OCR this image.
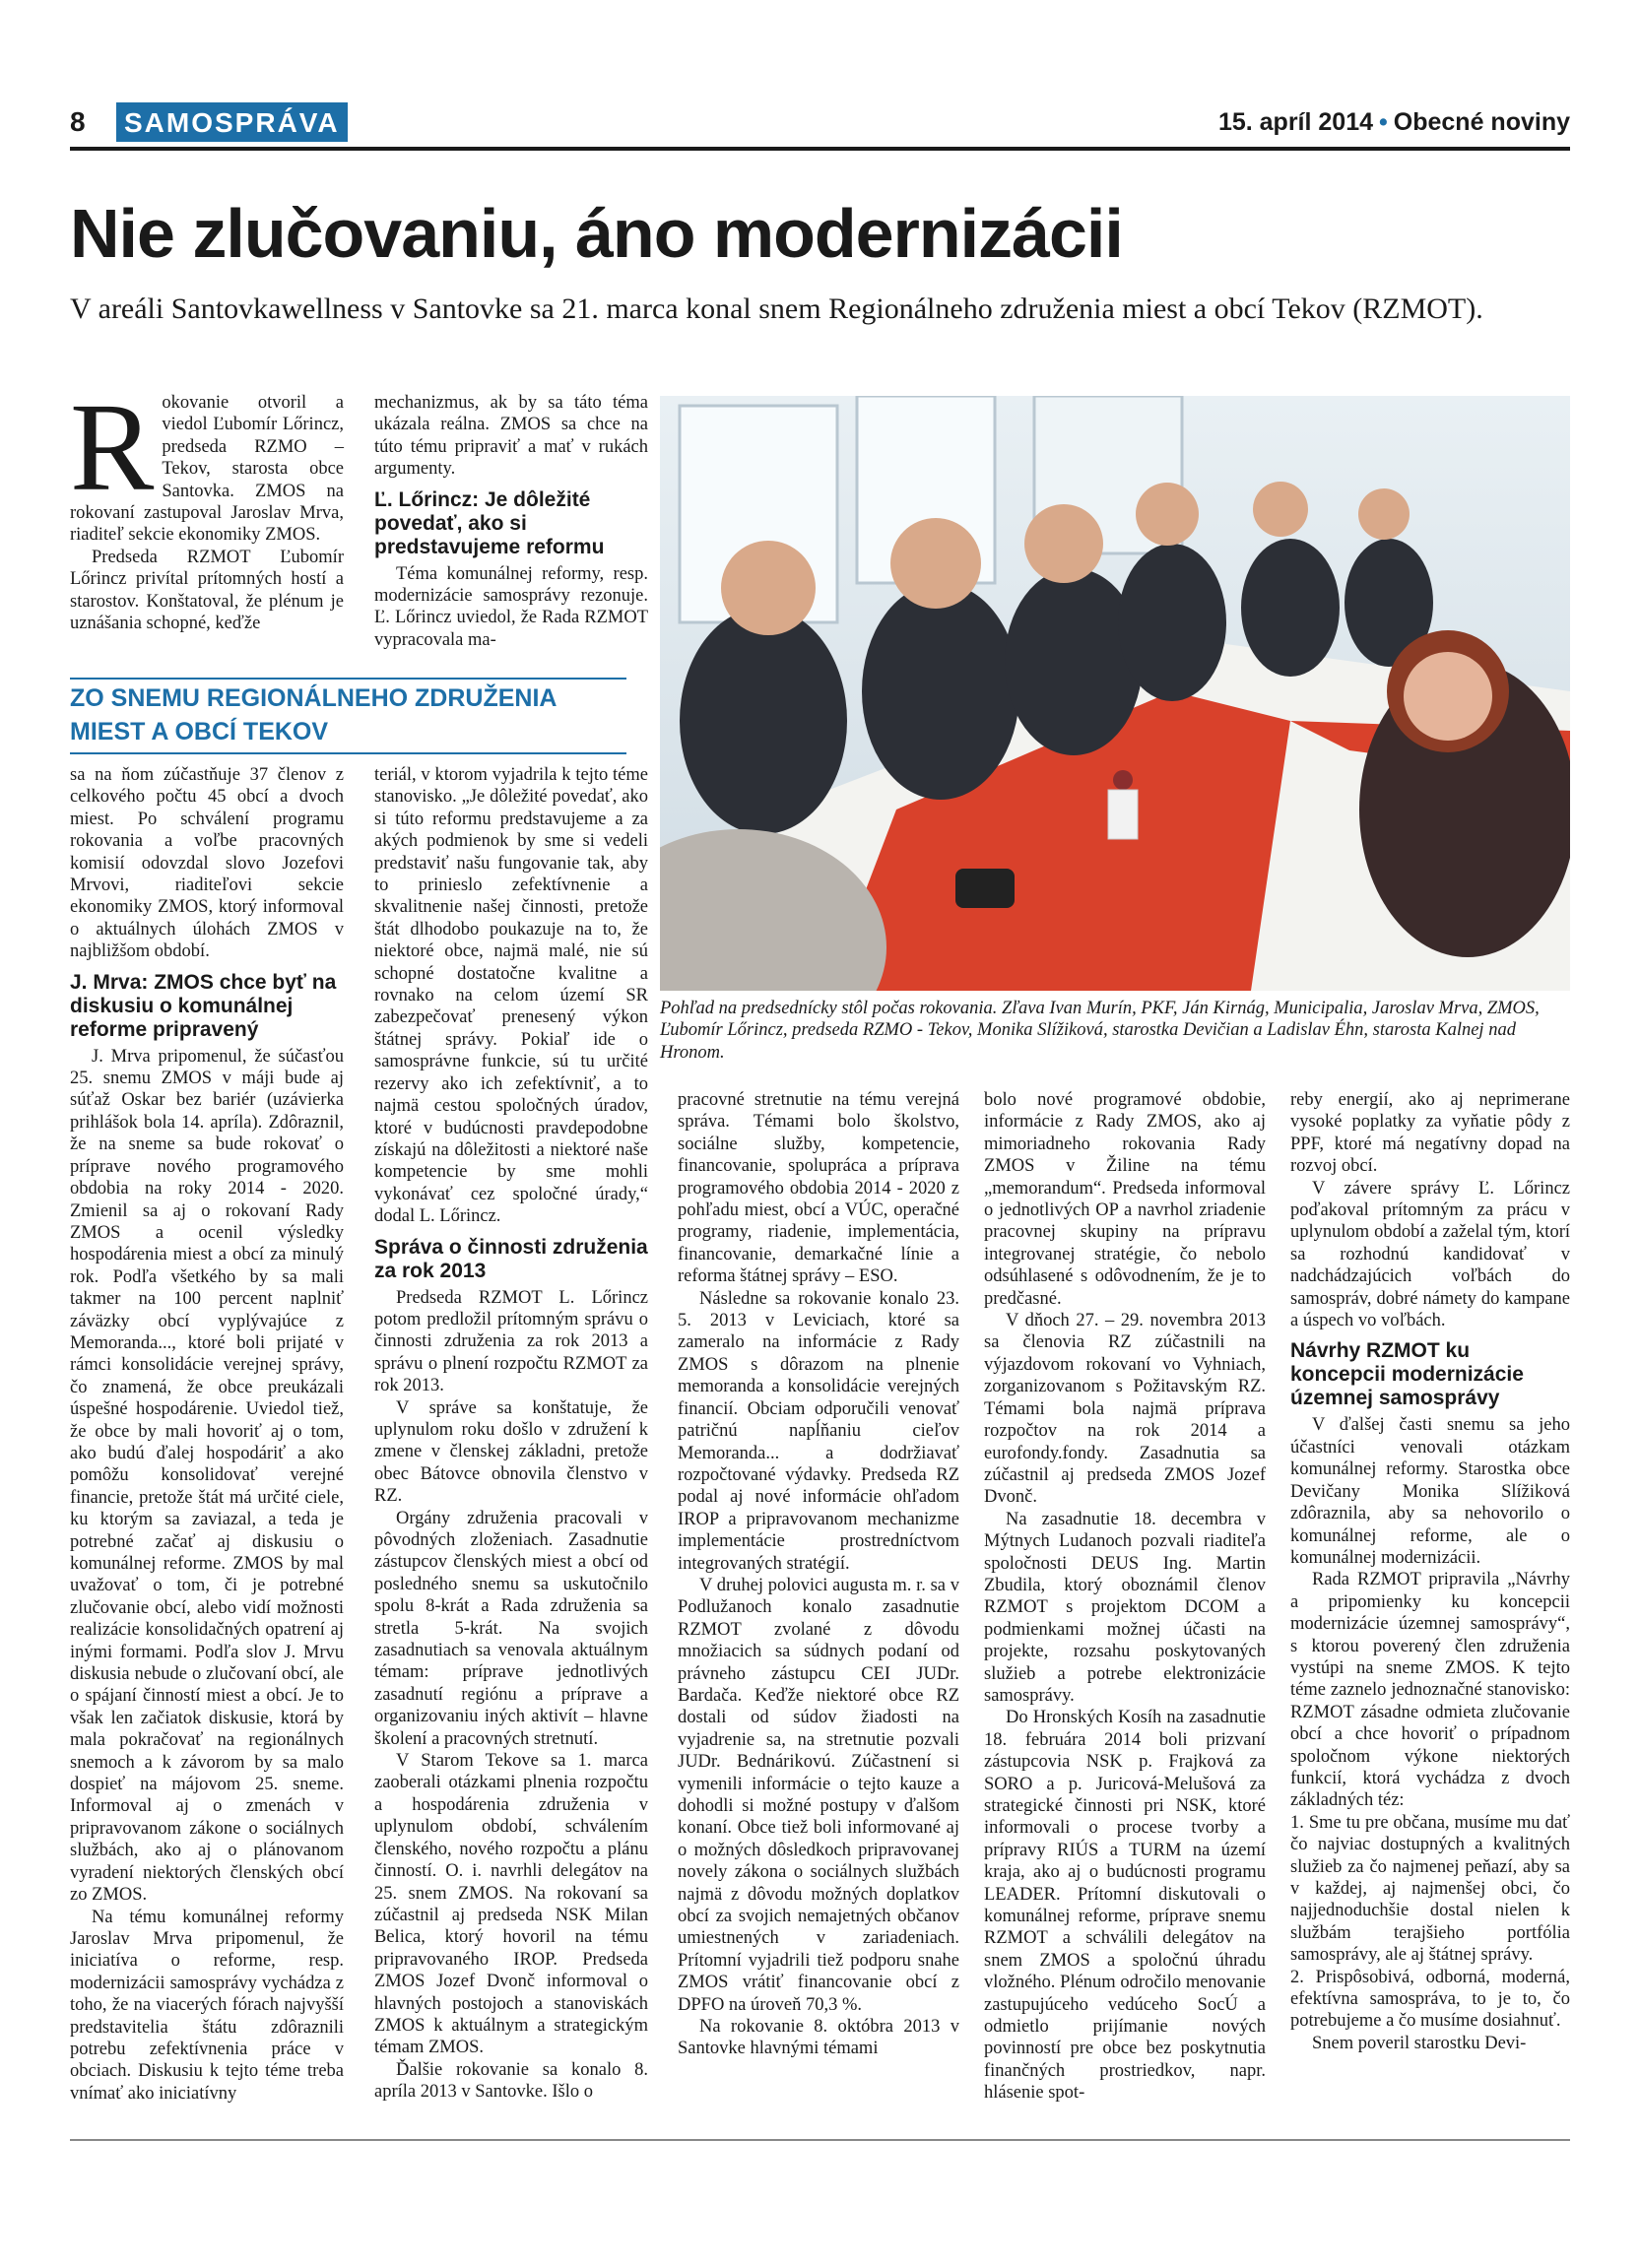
8 SAMOSPRÁVA	15. apríl 2014 • Obecné noviny
Nie zlučovaniu, áno modernizácii
V areáli Santovkawellness v Santovke sa 21. marca konal snem Regionálneho združenia miest a obcí Tekov (RZMOT).

Rokovanie otvoril a viedol Ľubomír Lőrincz, predseda RZMO –Tekov, starosta obce Santovka. ZMOS na rokovaní zastupoval Jaroslav Mrva, riaditeľ sekcie ekonomiky ZMOS.

Predseda RZMOT Ľubomír Lőrincz privítal prítomných hostí a starostov. Konštatoval, že plénum je uznášania schopné, keďže

mechanizmus, ak by sa táto téma ukázala reálna. ZMOS sa chce na túto tému pripraviť a mať v rukách argumenty.

Ľ. Lőrincz: Je dôležité povedať, ako si predstavujeme reformu

Téma komunálnej reformy, resp. modernizácie samosprávy rezonuje. Ľ. Lőrincz uviedol, že Rada RZMOT vypracovala ma-

ZO SNEMU REGIONÁLNEHO ZDRUŽENIA MIEST A OBCÍ TEKOV

sa na ňom zúčastňuje 37 členov z celkového počtu 45 obcí a dvoch miest. Po schválení programu rokovania a voľbe pracovných komisií odovzdal slovo Jozefovi Mrvovi, riaditeľovi sekcie ekonomiky ZMOS, ktorý informoval o aktuálnych úlohách ZMOS v najbližšom období.

J. Mrva: ZMOS chce byť na diskusiu o komunálnej reforme pripravený

J. Mrva pripomenul, že súčasťou 25. snemu ZMOS v máji bude aj súťaž Oskar bez bariér (uzávierka prihlášok bola 14. apríla). Zdôraznil, že na sneme sa bude rokovať o príprave nového programového obdobia na roky 2014 - 2020. Zmienil sa aj o rokovaní Rady ZMOS a ocenil výsledky hospodárenia miest a obcí za minulý rok. Podľa všetkého by sa mali takmer na 100 percent naplniť záväzky obcí vyplývajúce z Memoranda..., ktoré boli prijaté v rámci konsolidácie verejnej správy, čo znamená, že obce preukázali úspešné hospodárenie. Uviedol tiež, že obce by mali hovoriť aj o tom, ako budú ďalej hospodáriť a ako pomôžu konsolidovať verejné financie, pretože štát má určité ciele, ku ktorým sa zaviazal, a teda je potrebné začať aj diskusiu o komunálnej reforme. ZMOS by mal uvažovať o tom, či je potrebné zlučovanie obcí, alebo vidí možnosti realizácie konsolidačných opatrení aj inými formami. Podľa slov J. Mrvu diskusia nebude o zlučovaní obcí, ale o spájaní činností miest a obcí. Je to však len začiatok diskusie, ktorá by mala pokračovať na regionálnych snemoch a k závorom by sa malo dospieť na májovom 25. sneme. Informoval aj o zmenách v pripravovanom zákone o sociálnych službách, ako aj o plánovanom vyradení niektorých členských obcí zo ZMOS.

Na tému komunálnej reformy Jaroslav Mrva pripomenul, že iniciatíva o reforme, resp. modernizácii samosprávy vychádza z toho, že na viacerých fórach najvyšší predstavitelia štátu zdôraznili potrebu zefektívnenia práce v obciach. Diskusiu k tejto téme treba vnímať ako iniciatívny

teriál, v ktorom vyjadrila k tejto téme stanovisko. „Je dôležité povedať, ako si túto reformu predstavujeme a za akých podmienok by sme si vedeli predstaviť našu fungovanie tak, aby to prinieslo zefektívnenie a skvalitnenie našej činnosti, pretože štát dlhodobo poukazuje na to, že niektoré obce, najmä malé, nie sú schopné dostatočne kvalitne a rovnako na celom území SR zabezpečovať prenesený výkon štátnej správy. Pokiaľ ide o samosprávne funkcie, sú tu určité rezervy ako ich zefektívniť, a to najmä cestou spoločných úradov, ktoré v budúcnosti pravdepodobne získajú na dôležitosti a niektoré naše kompetencie by sme mohli vykonávať cez spoločné úrady,“ dodal L. Lőrincz.

Správa o činnosti združenia za rok 2013

Predseda RZMOT L. Lőrincz potom predložil prítomným správu o činnosti združenia za rok 2013 a správu o plnení rozpočtu RZMOT za rok 2013.

V správe sa konštatuje, že uplynulom roku došlo v združení k zmene v členskej základni, pretože obec Bátovce obnovila členstvo v RZ.

Orgány združenia pracovali v pôvodných zloženiach. Zasadnutie zástupcov členských miest a obcí od posledného snemu sa uskutočnilo spolu 8-krát a Rada združenia sa stretla 5-krát. Na svojich zasadnutiach sa venovala aktuálnym témam: príprave jednotlivých zasadnutí regiónu a príprave a organizovaniu iných aktivít – hlavne školení a pracovných stretnutí.

V Starom Tekove sa 1. marca zaoberali otázkami plnenia rozpočtu a hospodárenia združenia v uplynulom období, schválením členského, nového rozpočtu a plánu činností. O. i. navrhli delegátov na 25. snem ZMOS. Na rokovaní sa zúčastnil aj predseda NSK Milan Belica, ktorý hovoril na tému pripravovaného IROP. Predseda ZMOS Jozef Dvonč informoval o hlavných postojoch a stanoviskách ZMOS k aktuálnym a strategickým témam ZMOS.

Ďalšie rokovanie sa konalo 8. apríla 2013 v Santovke. Išlo o

Pohľad na predsednícky stôl počas rokovania. Zľava Ivan Murín, PKF, Ján Kirnág, Municipalia, Jaroslav Mrva, ZMOS, Ľubomír Lőrincz, predseda RZMO - Tekov, Monika Slížiková, starostka Devičian a Ladislav Éhn, starosta Kalnej nad Hronom.

pracovné stretnutie na tému verejná správa. Témami bolo školstvo, sociálne služby, kompetencie, financovanie, spolupráca a príprava programového obdobia 2014 - 2020 z pohľadu miest, obcí a VÚC, operačné programy, riadenie, implementácia, financovanie, demarkačné línie a reforma štátnej správy – ESO.

Následne sa rokovanie konalo 23. 5. 2013 v Leviciach, ktoré sa zameralo na informácie z Rady ZMOS s dôrazom na plnenie memoranda a konsolidácie verejných financií. Obciam odporučili venovať patričnú napĺňaniu cieľov Memoranda... a dodržiavať rozpočtované výdavky. Predseda RZ podal aj nové informácie ohľadom IROP a pripravovanom mechanizme implementácie prostredníctvom integrovaných stratégií.

V druhej polovici augusta m. r. sa v Podlužanoch konalo zasadnutie RZMOT zvolané z dôvodu množiacich sa súdnych podaní od právneho zástupcu CEI JUDr. Bardača. Keďže niektoré obce RZ dostali od súdov žiadosti na vyjadrenie sa, na stretnutie pozvali JUDr. Bednárikovú. Zúčastnení si vymenili informácie o tejto kauze a dohodli si možné postupy v ďalšom konaní. Obce tiež boli informované aj o možných dôsledkoch pripravovanej novely zákona o sociálnych službách najmä z dôvodu možných doplatkov obcí za svojich nemajetných občanov umiestnených v zariadeniach. Prítomní vyjadrili tiež podporu snahe ZMOS vrátiť financovanie obcí z DPFO na úroveň 70,3 %.

Na rokovanie 8. októbra 2013 v Santovke hlavnými témami

bolo nové programové obdobie, informácie z Rady ZMOS, ako aj mimoriadneho rokovania Rady ZMOS v Žiline na tému „memorandum“. Predseda informoval o jednotlivých OP a navrhol zriadenie pracovnej skupiny na prípravu integrovanej stratégie, čo nebolo odsúhlasené s odôvodnením, že je to predčasné.

V dňoch 27. – 29. novembra 2013 sa členovia RZ zúčastnili na výjazdovom rokovaní vo Vyhniach, zorganizovanom s Požitavským RZ. Témami bola najmä príprava rozpočtov na rok 2014 a eurofondy.fondy. Zasadnutia sa zúčastnil aj predseda ZMOS Jozef Dvonč.

Na zasadnutie 18. decembra v Mýtnych Ludanoch pozvali riaditeľa spoločnosti DEUS Ing. Martin Zbudila, ktorý oboznámil členov RZMOT s projektom DCOM a podmienkami možnej účasti na projekte, rozsahu poskytovaných služieb a potrebe elektronizácie samosprávy.

Do Hronských Kosíh na zasadnutie 18. februára 2014 boli prizvaní zástupcovia NSK p. Frajková za SORO a p. Juricová-Melušová za strategické činnosti pri NSK, ktoré informovali o procese tvorby a prípravy RIÚS a TURM na území kraja, ako aj o budúcnosti programu LEADER. Prítomní diskutovali o komunálnej reforme, príprave snemu RZMOT a schválili delegátov na snem ZMOS a spoločnú úhradu vložného. Plénum odročilo menovanie zastupujúceho vedúceho SocÚ a odmietlo prijímanie nových povinností pre obce bez poskytnutia finančných prostriedkov, napr. hlásenie spot-

reby energií, ako aj neprimerane vysoké poplatky za vyňatie pôdy z PPF, ktoré má negatívny dopad na rozvoj obcí.

V závere správy Ľ. Lőrincz poďakoval prítomným za prácu v uplynulom období a zaželal tým, ktorí sa rozhodnú kandidovať v nadchádzajúcich voľbách do samospráv, dobré námety do kampane a úspech vo voľbách.

Návrhy RZMOT ku koncepcii modernizácie územnej samosprávy

V ďalšej časti snemu sa jeho účastníci venovali otázkam komunálnej reformy. Starostka obce Devičany Monika Slížiková zdôraznila, aby sa nehovorilo o komunálnej reforme, ale o komunálnej modernizácii.

Rada RZMOT pripravila „Návrhy a pripomienky ku koncepcii modernizácie územnej samosprávy“, s ktorou poverený člen združenia vystúpi na sneme ZMOS. K tejto téme zaznelo jednoznačné stanovisko: RZMOT zásadne odmieta zlučovanie obcí a chce hovoriť o prípadnom spoločnom výkone niektorých funkcií, ktorá vychádza z dvoch základných téz:

1. Sme tu pre občana, musíme mu dať čo najviac dostupných a kvalitných služieb za čo najmenej peňazí, aby sa v každej, aj najmenšej obci, čo najjednoduchšie dostal nielen k službám terajšieho portfólia samosprávy, ale aj štátnej správy.

2. Prispôsobivá, odborná, moderná, efektívna samospráva, to je to, čo potrebujeme a čo musíme dosiahnuť.

Snem poveril starostku Devi-
